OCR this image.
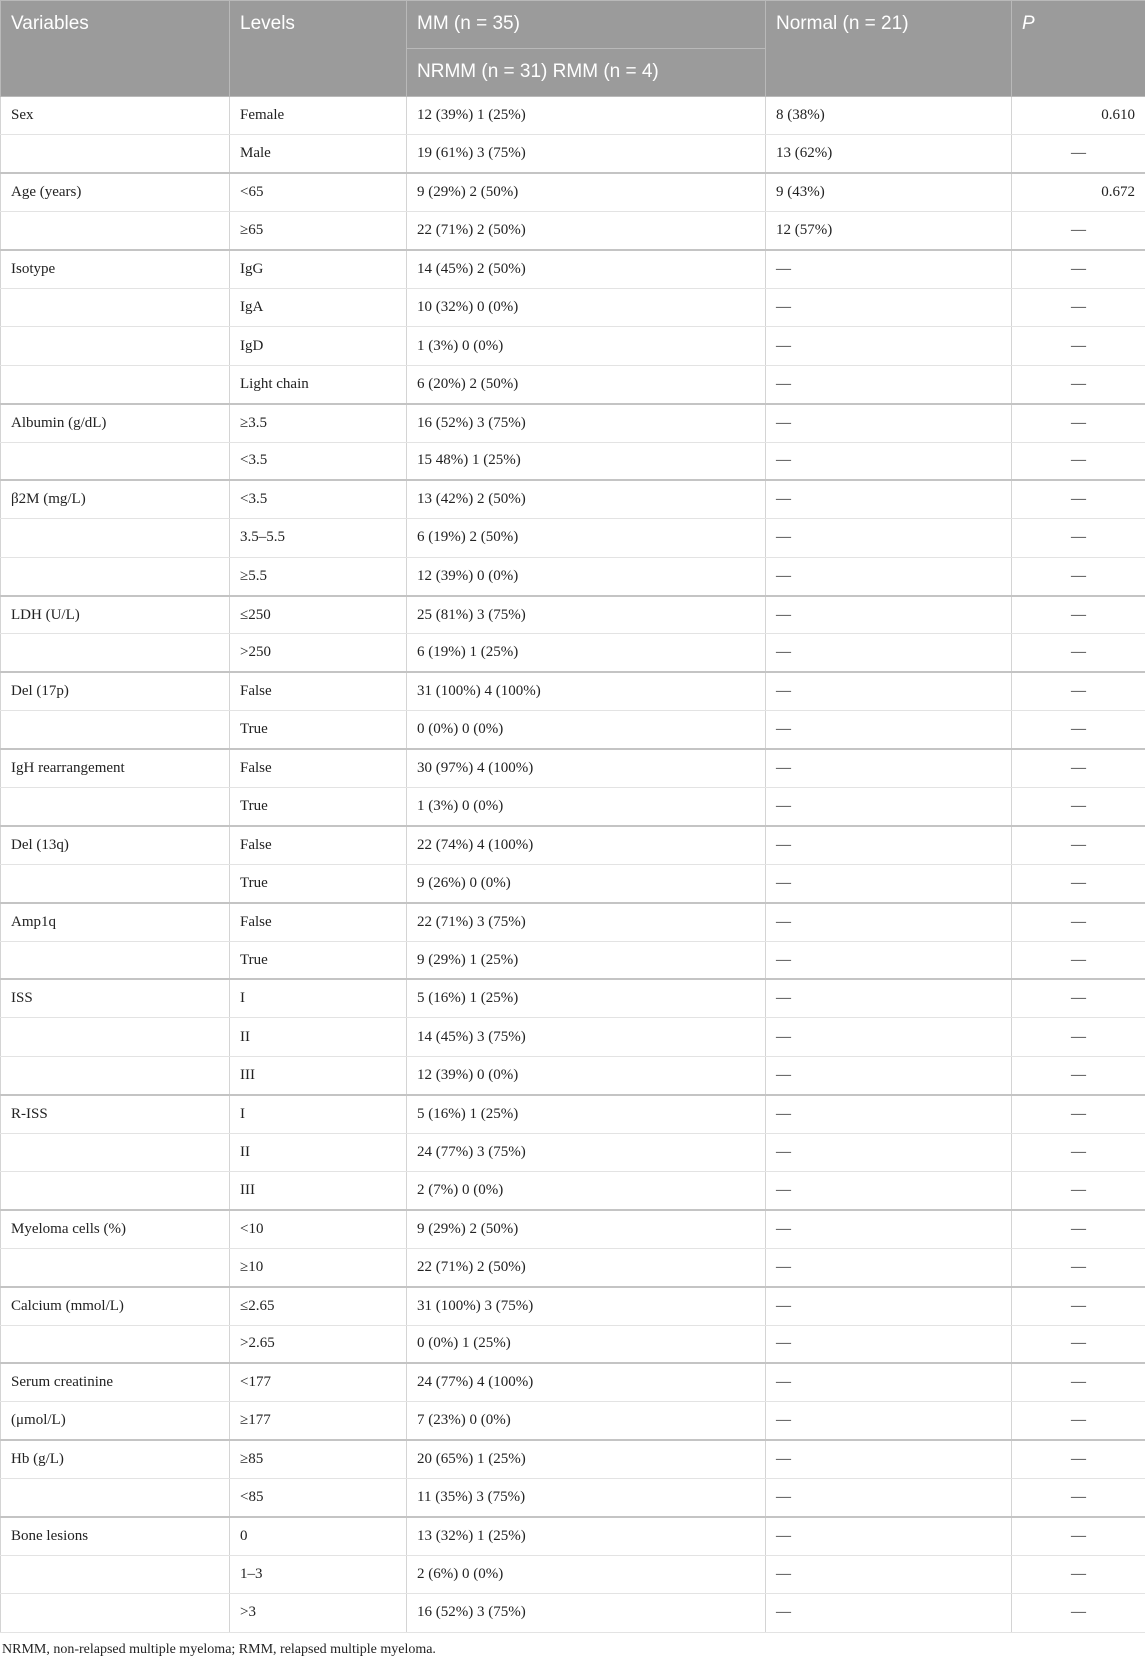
Variables	Levels	MM (n = 35)	Normal (n = 21)	P
		NRMM (n = 31) RMM (n = 4)		
Sex	Female	12 (39%) 1 (25%)	8 (38%)	0.610
	Male	19 (61%) 3 (75%)	13 (62%)	—
Age (years)	<65	9 (29%) 2 (50%)	9 (43%)	0.672
	≥65	22 (71%) 2 (50%)	12 (57%)	—
Isotype	IgG	14 (45%) 2 (50%)	—	—
	IgA	10 (32%) 0 (0%)	—	—
	IgD	1 (3%) 0 (0%)	—	—
	Light chain	6 (20%) 2 (50%)	—	—
Albumin (g/dL)	≥3.5	16 (52%) 3 (75%)	—	—
	<3.5	15 48%) 1 (25%)	—	—
β2M (mg/L)	<3.5	13 (42%) 2 (50%)	—	—
	3.5–5.5	6 (19%) 2 (50%)	—	—
	≥5.5	12 (39%) 0 (0%)	—	—
LDH (U/L)	≤250	25 (81%) 3 (75%)	—	—
	>250	6 (19%) 1 (25%)	—	—
Del (17p)	False	31 (100%) 4 (100%)	—	—
	True	0 (0%) 0 (0%)	—	—
IgH rearrangement	False	30 (97%) 4 (100%)	—	—
	True	1 (3%) 0 (0%)	—	—
Del (13q)	False	22 (74%) 4 (100%)	—	—
	True	9 (26%) 0 (0%)	—	—
Amp1q	False	22 (71%) 3 (75%)	—	—
	True	9 (29%) 1 (25%)	—	—
ISS	I	5 (16%) 1 (25%)	—	—
	II	14 (45%) 3 (75%)	—	—
	III	12 (39%) 0 (0%)	—	—
R-ISS	I	5 (16%) 1 (25%)	—	—
	II	24 (77%) 3 (75%)	—	—
	III	2 (7%) 0 (0%)	—	—
Myeloma cells (%)	<10	9 (29%) 2 (50%)	—	—
	≥10	22 (71%) 2 (50%)	—	—
Calcium (mmol/L)	≤2.65	31 (100%) 3 (75%)	—	—
	>2.65	0 (0%) 1 (25%)	—	—
Serum creatinine	<177	24 (77%) 4 (100%)	—	—
(μmol/L)	≥177	7 (23%) 0 (0%)	—	—
Hb (g/L)	≥85	20 (65%) 1 (25%)	—	—
	<85	11 (35%) 3 (75%)	—	—
Bone lesions	0	13 (32%) 1 (25%)	—	—
	1–3	2 (6%) 0 (0%)	—	—
	>3	16 (52%) 3 (75%)	—	—
NRMM, non-relapsed multiple myeloma; RMM, relapsed multiple myeloma.
